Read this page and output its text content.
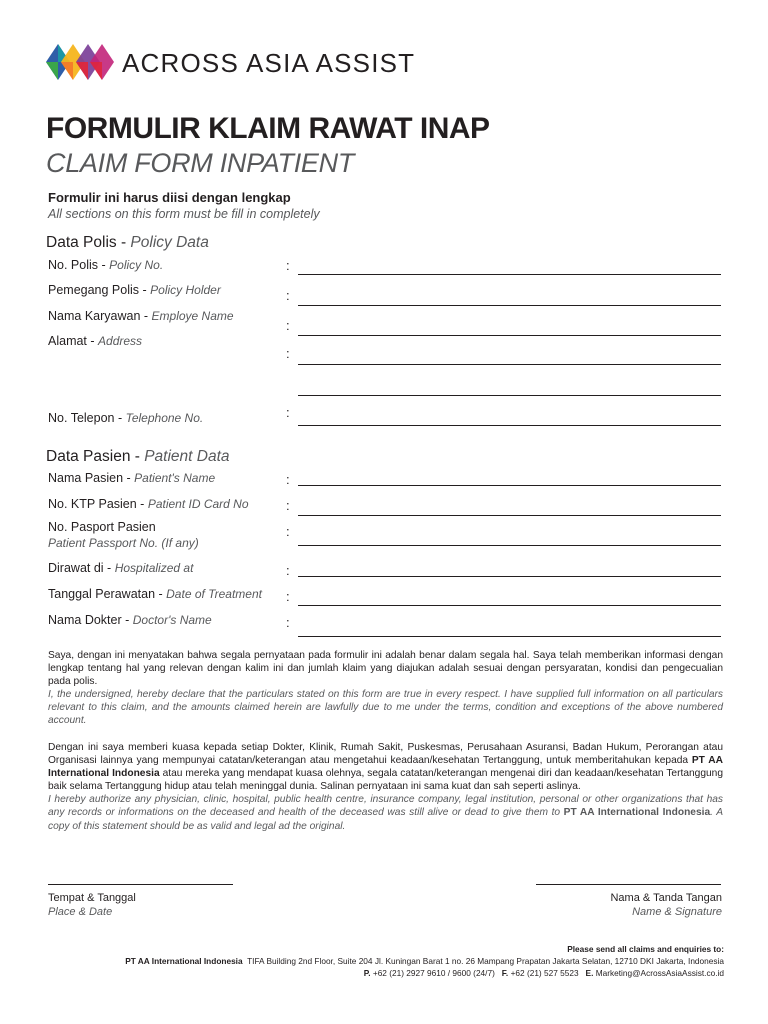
ACROSS ASIA ASSIST
FORMULIR KLAIM RAWAT INAP
CLAIM FORM INPATIENT
Formulir ini harus diisi dengan lengkap
All sections on this form must be fill in completely
Data Polis - Policy Data
No. Polis - Policy No.	:
Pemegang Polis - Policy Holder	:
Nama Karyawan - Employe Name
:
Alamat - Address
:
No. Telepon - Telephone No.	:
Data Pasien - Patient Data
Nama Pasien - Patient's Name	:
No. KTP Pasien - Patient ID Card No	:
No. Pasport Pasien
Patient Passport No. (If any)
:
Dirawat di - Hospitalized at	:
Tanggal Perawatan - Date of Treatment :
Nama Dokter - Doctor's Name	:

Saya, dengan ini menyatakan bahwa segala pernyataan pada formulir ini adalah benar dalam segala hal. Saya telah memberikan informasi dengan lengkap tentang hal yang relevan dengan kalim ini dan jumlah klaim yang diajukan adalah sesuai dengan persyaratan, kondisi dan pengecualian pada polis.
I, the undersigned, hereby declare that the particulars stated on this form are true in every respect. I have supplied full information on all particulars relevant to this claim, and the amounts claimed herein are lawfully due to me under the terms, condition and exceptions of the above numbered account.

Dengan ini saya memberi kuasa kepada setiap Dokter, Klinik, Rumah Sakit, Puskesmas, Perusahaan Asuransi, Badan Hukum, Perorangan atau Organisasi lainnya yang mempunyai catatan/keterangan atau mengetahui keadaan/kesehatan Tertanggung, untuk memberitahukan kepada PT AA International Indonesia atau mereka yang mendapat kuasa olehnya, segala catatan/keterangan mengenai diri dan keadaan/kesehatan Tertanggung baik selama Tertanggung hidup atau telah meninggal dunia. Salinan pernyataan ini sama kuat dan sah seperti aslinya.
I hereby authorize any physician, clinic, hospital, public health centre, insurance company, legal institution, personal or other organizations that has any records or informations on the deceased and health of the deceased was still alive or dead to give them to PT AA International Indonesia. A copy of this statement should be as valid and legal ad the original.

Tempat & Tanggal
Place & Date
Nama & Tanda Tangan
Name & Signature
Please send all claims and enquiries to:
PT AA International Indonesia TIFA Building 2nd Floor, Suite 204 Jl. Kuningan Barat 1 no. 26 Mampang Prapatan Jakarta Selatan, 12710 DKI Jakarta, Indonesia
P. +62 (21) 2927 9610 / 9600 (24/7) F. +62 (21) 527 5523 E. Marketing@AcrossAsiaAssist.co.id
